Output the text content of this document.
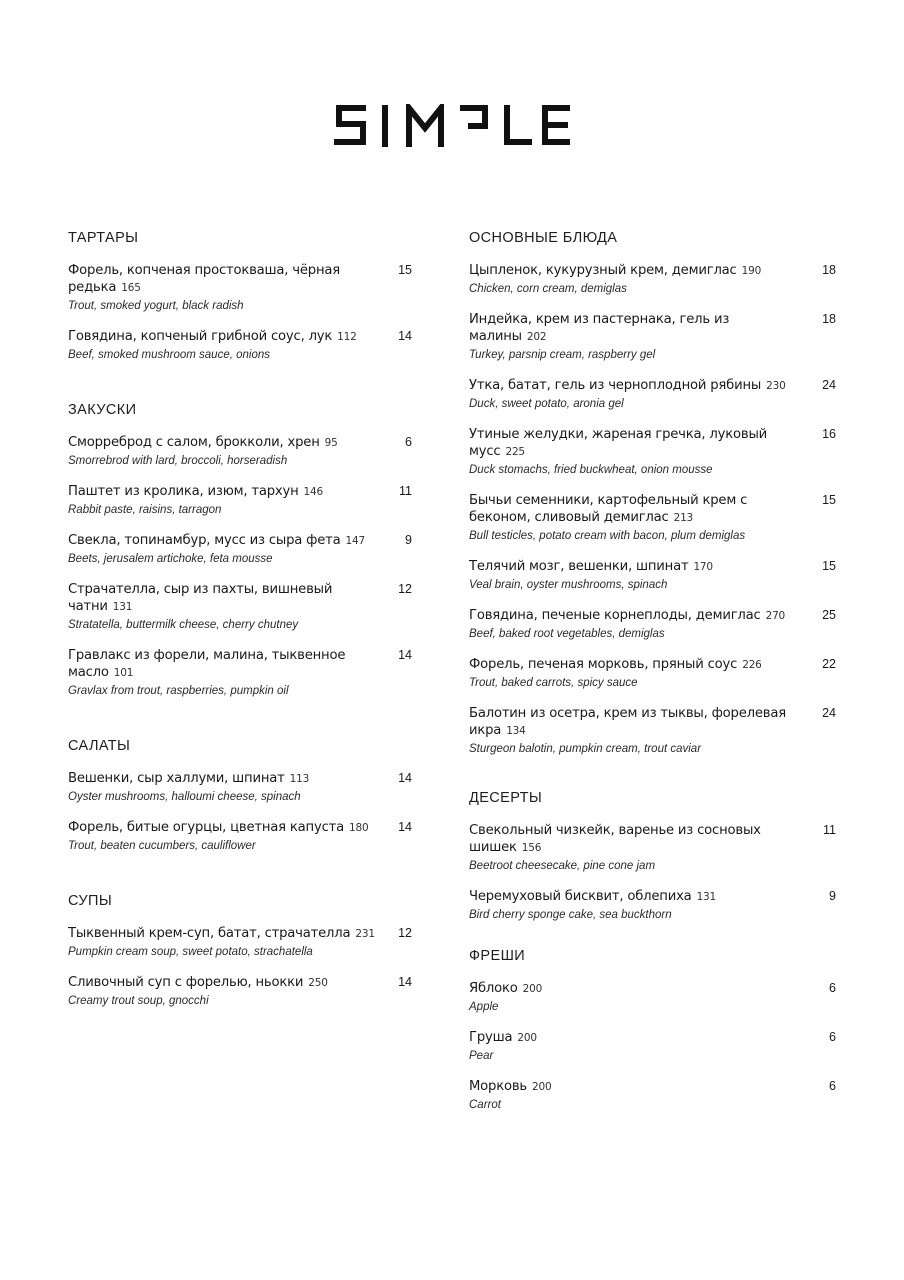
ТАРТАРЫ
Форель, копченая простокваша, чёрная редька 165
Trout, smoked yogurt, black radish
15
Говядина, копченый грибной соус, лук 112
Beef, smoked mushroom sauce, onions
14
ЗАКУСКИ
Сморреброд с салом, брокколи, хрен 95
Smorrebrod with lard, broccoli, horseradish
6
Паштет из кролика, изюм, тархун 146
Rabbit paste, raisins, tarragon
11
Свекла, топинамбур, мусс из сыра фета 147
Beets, jerusalem artichoke, feta mousse
9
Страчателла, сыр из пахты, вишневый чатни 131
Stratatella, buttermilk cheese, cherry chutney
12
Гравлакс из форели, малина, тыквенное масло 101
Gravlax from trout, raspberries, pumpkin oil
14
САЛАТЫ
Вешенки, сыр халлуми, шпинат 113
Oyster mushrooms, halloumi cheese, spinach
14
Форель, битые огурцы, цветная капуста 180
Trout, beaten cucumbers, cauliflower
14
СУПЫ
Тыквенный крем-суп, батат, страчателла 231
Pumpkin cream soup, sweet potato, strachatella
12
Сливочный суп с форелью, ньокки 250
Creamy trout soup, gnocchi
14
ОСНОВНЫЕ БЛЮДА
Цыпленок, кукурузный крем, демиглас 190
Chicken, corn cream, demiglas
18
Индейка, крем из пастернака, гель из малины 202
Turkey, parsnip cream, raspberry gel
18
Утка, батат, гель из черноплодной рябины 230
Duck, sweet potato, aronia gel
24
Утиные желудки, жареная гречка, луковый мусс 225
Duck stomachs, fried buckwheat, onion mousse
16
Бычьи семенники, картофельный крем с беконом, сливовый демиглас 213
Bull testicles, potato cream with bacon, plum demiglas
15
Телячий мозг, вешенки, шпинат 170
Veal brain, oyster mushrooms, spinach
15
Говядина, печеные корнеплоды, демиглас 270
Beef, baked root vegetables, demiglas
25
Форель, печеная морковь, пряный соус 226
Trout, baked carrots, spicy sauce
22
Балотин из осетра, крем из тыквы, форелевая икра 134
Sturgeon balotin, pumpkin cream, trout caviar
24
ДЕСЕРТЫ
Свекольный чизкейк, варенье из сосновых шишек 156
Beetroot cheesecake, pine cone jam
11
Черемуховый бисквит, облепиха 131
Bird cherry sponge cake, sea buckthorn
9
ФРЕШИ
Яблоко 200
Apple
6
Груша 200
Pear
6
Морковь 200
Carrot
6
